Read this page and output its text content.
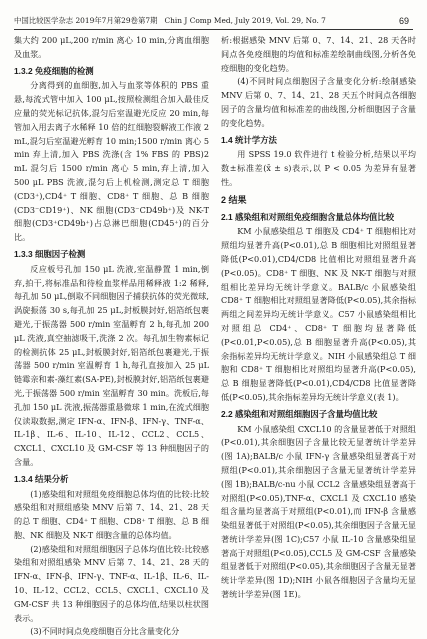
中国比较医学杂志 2019年7月第29卷第7期 Chin J Comp Med, July 2019, Vol. 29, No. 7	69

集大约 200 μL,200 r/min 离心 10 min,分离血细胞及血浆。

1.3.2 免疫细胞的检测

分离得到的血细胞,加入与血浆等体积的 PBS 重悬,每流式管中加入 100 μL,按照检测组合加入最佳反应量的荧光标记抗体,混匀后室温避光反应 20 min,每管加入用去离子水稀释 10 倍的红细胞裂解液工作液 2 mL,混匀后室温避光孵育 10 min;1500 r/min 离心 5 min 弃上清,加入 PBS 洗涤(含 1% FBS 的 PBS)2 mL 混匀后 1500 r/min 离心 5 min,弃上清,加入 500 μL PBS 洗液,混匀后上机检测,测定总 T 细胞(CD3⁺),CD4⁺ T 细胞、CD8⁺ T 细胞、总 B 细胞(CD3⁻CD19⁺)、NK 细胞(CD3⁻CD49b⁺)及 NK-T 细胞(CD3⁺CD49b⁺)占总淋巴细胞(CD45⁺)的百分比。

1.3.3 细胞因子检测

反应板号孔加 150 μL 洗液,室温静置 1 min,倒弃,拍干,将标准品和待检血浆样品用稀释液 1:2 稀释,每孔加 50 μL,倒取不同细胞因子捕获抗体的荧光微球,涡旋振荡 30 s,每孔加 25 μL,封板膜封好,铝箔纸包裹避光,于振荡器 500 r/min 室温孵育 2 h,每孔加 200 μL 洗液,真空抽滤吸干,洗涤 2 次。每孔加生物素标记的检测抗体 25 μL,封板膜封好,铝箔纸包裹避光,于振荡器 500 r/min 室温孵育 1 h,每孔直接加入 25 μL 链霉亲和素-藻红素(SA-PE),封板膜封好,铝箔纸包裹避光,于振荡器 500 r/min 室温孵育 30 min。洗板后,每孔加 150 μL 洗液,振荡器重悬微球 1 min,在流式细胞仪读取数据,测定 IFN-α、IFN-β、IFN-γ、TNF-α、IL-1β、IL-6、IL-10、IL-12、CCL2、CCL5、CXCL1、CXCL10 及 GM-CSF 等 13 种细胞因子的含量。

1.3.4 结果分析

(1)感染组和对照组免疫细胞总体均值的比较:比较感染组和对照组感染 MNV 后第 7、14、21、28 天的总 T 细胞、CD4⁺ T 细胞、CD8⁺ T 细胞、总 B 细胞、NK 细胞及 NK-T 细胞含量的总体均值。

(2)感染组和对照组细胞因子总体均值比较:比较感染组和对照组感染 MNV 后第 7、14、21、28 天的 IFN-α、IFN-β、IFN-γ、TNF-α、IL-1β、IL-6、IL-10、IL-12、CCL2、CCL5、CXCL1、CXCL10 及 GM-CSF 共 13 种细胞因子的总体均值,结果以柱状图表示。

(3)不同时间点免疫细胞百分比含量变化分

析:根据感染 MNV 后第 0、7、14、21、28 天各时间点各免疫细胞的均值和标准差绘制曲线图,分析各免疫细胞的变化趋势。

(4)不同时间点细胞因子含量变化分析:绘制感染 MNV 后第 0、7、14、21、28 天五个时间点各细胞因子的含量均值和标准差的曲线图,分析细胞因子含量的变化趋势。

1.4 统计学方法

用 SPSS 19.0 软件进行 t 检验分析,结果以平均数±标准差(x̄ ± s)表示,以 P < 0.05 为差异有显著性。

2 结果
2.1 感染组和对照组免疫细胞含量总体均值比较

KM 小鼠感染组总 T 细胞及 CD4⁺ T 细胞相比对照组均显著升高(P<0.01),总 B 细胞相比对照组显著降低(P<0.01),CD4/CD8 比值相比对照组显著升高(P<0.05)。CD8⁺ T 细胞、NK 及 NK-T 细胞与对照组相比差异均无统计学意义。BALB/c 小鼠感染组 CD8⁺ T 细胞相比对照组显著降低(P<0.05),其余指标两组之间差异均无统计学意义。C57 小鼠感染组相比对照组总 CD4⁺、CD8⁺ T 细胞均显著降低(P<0.01,P<0.05),总 B 细胞显著升高(P<0.05),其余指标差异均无统计学意义。NIH 小鼠感染组总 T 细胞和 CD8⁺ T 细胞相比对照组均显著升高(P<0.05),总 B 细胞显著降低(P<0.01),CD4/CD8 比值显著降低(P<0.05),其余指标差异均无统计学意义(表 1)。

2.2 感染组和对照组细胞因子含量均值比较

KM 小鼠感染组 CXCL10 的含量显著低于对照组(P<0.01),其余细胞因子含量比较无显著统计学差异(图 1A);BALB/c 小鼠 IFN-γ 含量感染组显著高于对照组(P<0.01),其余细胞因子含量无显著统计学差异(图 1B);BALB/c-nu 小鼠 CCL2 含量感染组显著高于对照组(P<0.05),TNF-α、CXCL1 及 CXCL10 感染组含量均显著高于对照组(P<0.01),而 IFN-β 含量感染组显著低于对照组(P<0.05),其余细胞因子含量无显著统计学差异(图 1C);C57 小鼠 IL-10 含量感染组显著高于对照组(P<0.05),CCL5 及 GM-CSF 含量感染组显著低于对照组(P<0.05),其余细胞因子含量无显著统计学差异(图 1D);NIH 小鼠各细胞因子含量均无显著统计学差异(图 1E)。
